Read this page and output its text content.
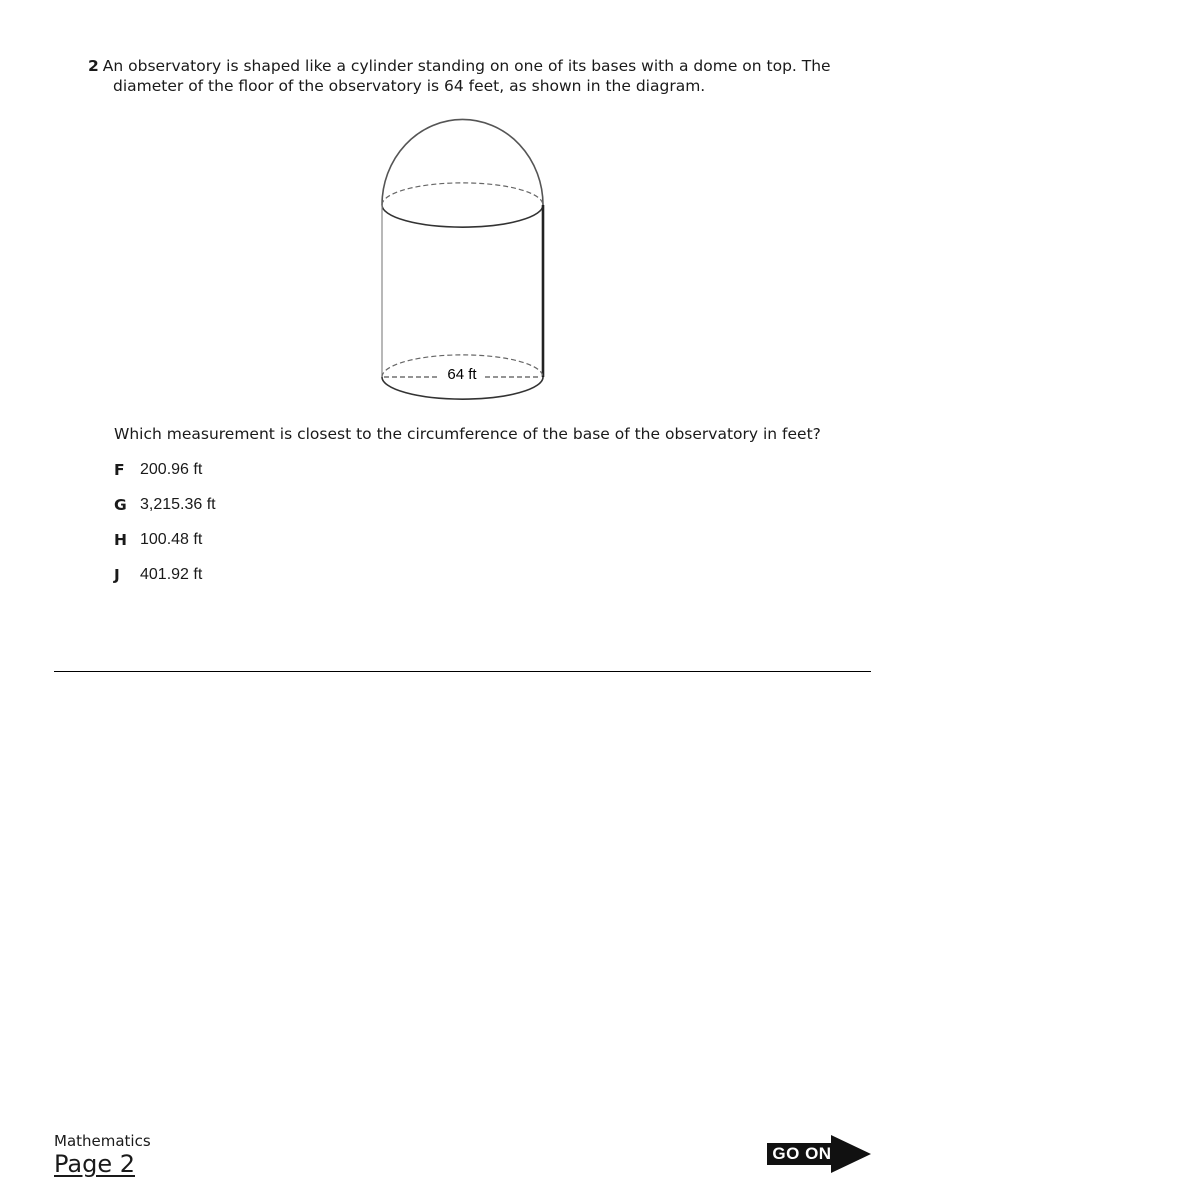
2 An observatory is shaped like a cylinder standing on one of its bases with a dome on top. The
diameter of the floor of the observatory is 64 feet, as shown in the diagram.
64 ft
Which measurement is closest to the circumference of the base of the observatory in feet?
F 200.96 ft
G 3,215.36 ft
H 100.48 ft
J	401.92 ft
Mathematics
Page 2	GO ON
